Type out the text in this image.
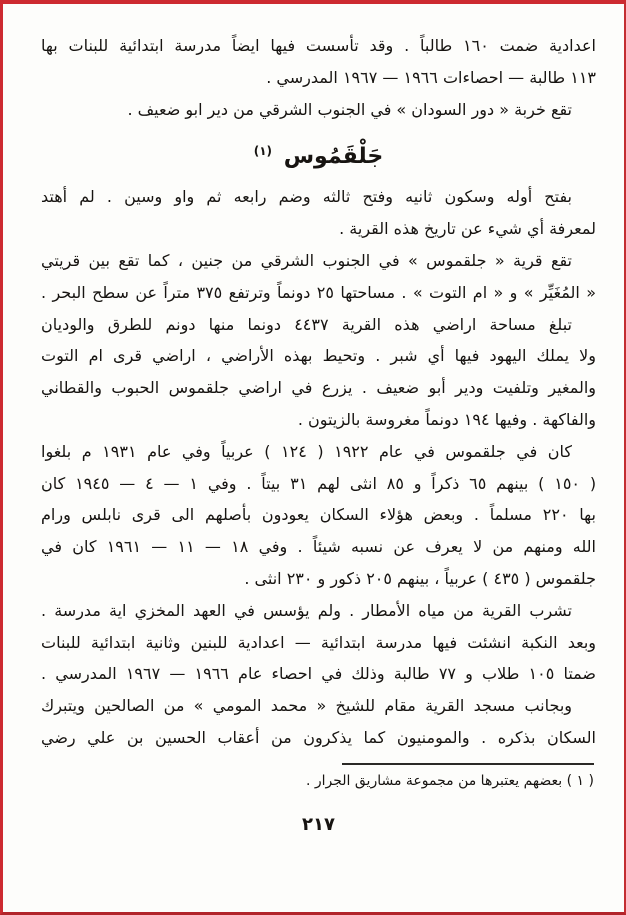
اعدادية ضمت ١٦٠ طالباً . وقد تأسست فيها ايضاً مدرسة ابتدائية للبنات بها
١١٣ طالبة — احصاءات ١٩٦٦ — ١٩٦٧ المدرسي .

تقع خربة « دور السودان » في الجنوب الشرقي من دير ابو ضعيف .

جَلْقَمُوس $^{(١)}$

بفتح أوله وسكون ثانيه وفتح ثالثه وضم رابعه ثم واو وسين . لم أهتد
لمعرفة أي شيء عن تاريخ هذه القرية .

تقع قرية « جلقموس » في الجنوب الشرقي من جنين ، كما تقع بين قريتي
« المُغَيِّر » و « ام التوت » . مساحتها ٢٥ دونماً وترتفع ٣٧٥ متراً عن سطح البحر .

تبلغ مساحة اراضي هذه القرية ٤٤٣٧ دونما منها دونم للطرق والوديان
ولا يملك اليهود فيها أي شبر . وتحيط بهذه الأراضي ، اراضي قرى ام التوت
والمغير وتلفيت ودير أبو ضعيف . يزرع في اراضي جلقموس الحبوب والقطاني
والفاكهة . وفيها ١٩٤ دونماً مغروسة بالزيتون .

كان في جلقموس في عام ١٩٢٢ ( ١٢٤ ) عربياً وفي عام ١٩٣١ م بلغوا
( ١٥٠ ) بينهم ٦٥ ذكراً و ٨٥ انثى لهم ٣١ بيتاً . وفي ١ — ٤ — ١٩٤٥ كان
بها ٢٢٠ مسلماً . وبعض هؤلاء السكان يعودون بأصلهم الى قرى نابلس ورام
الله ومنهم من لا يعرف عن نسبه شيئاً . وفي ١٨ — ١١ — ١٩٦١ كان في
جلقموس ( ٤٣٥ ) عربياً ، بينهم ٢٠٥ ذكور و ٢٣٠ انثى .

تشرب القرية من مياه الأمطار . ولم يؤسس في العهد المخزي اية مدرسة .
وبعد النكبة انشئت فيها مدرسة ابتدائية — اعدادية للبنين وثانية ابتدائية للبنات
ضمتا ١٠٥ طلاب و ٧٧ طالبة وذلك في احصاء عام ١٩٦٦ — ١٩٦٧ المدرسي .

وبجانب مسجد القرية مقام للشيخ « محمد المومي » من الصالحين ويتبرك
السكان بذكره . والمومنيون كما يذكرون من أعقاب الحسين بن علي رضي

( ١ ) بعضهم يعتبرها من مجموعة مشاريق الجرار .
٢١٧
